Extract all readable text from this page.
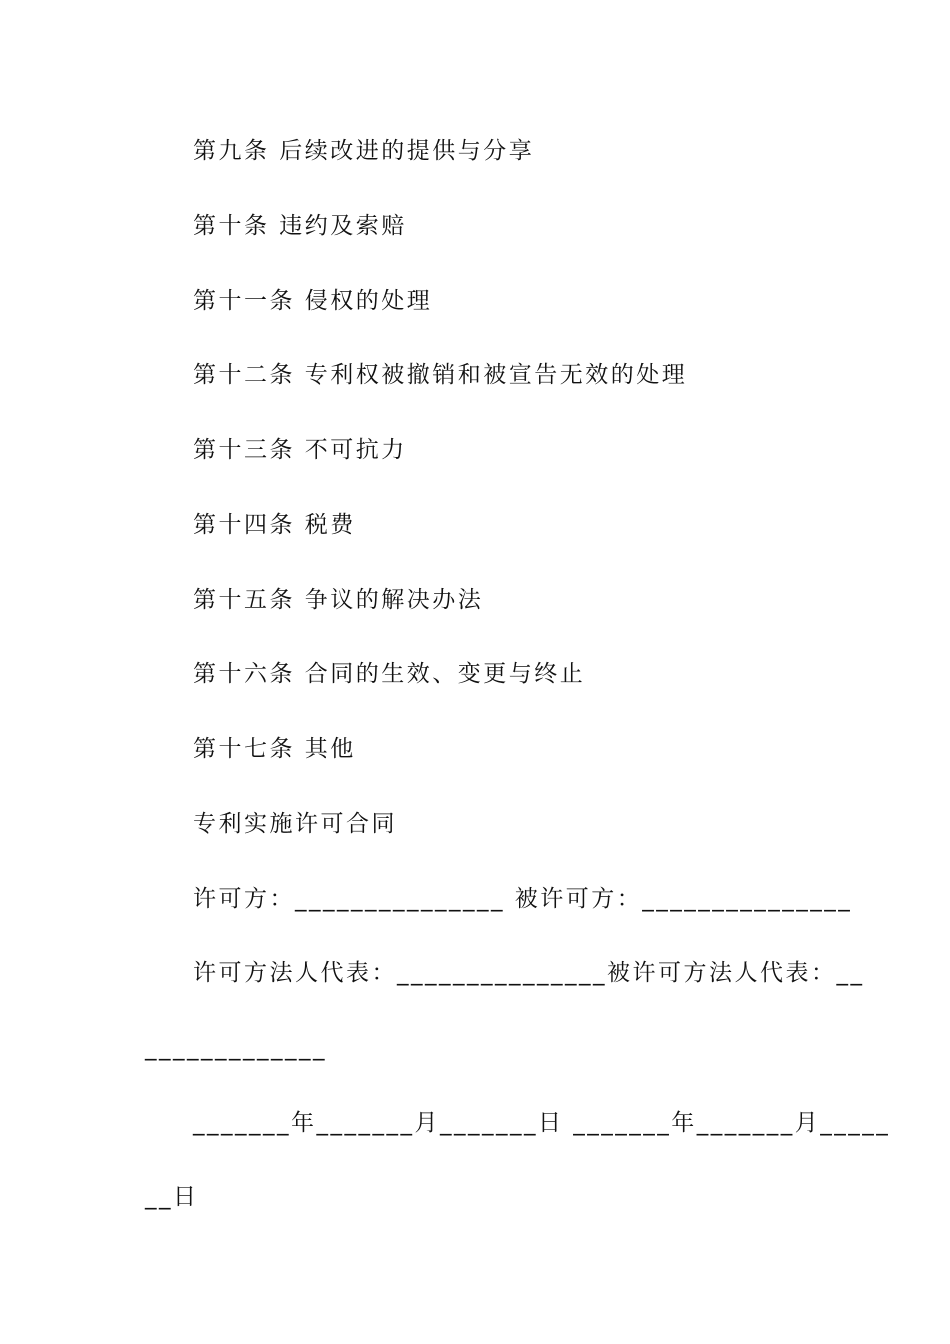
第九条 后续改进的提供与分享
第十条 违约及索赔
第十一条 侵权的处理
第十二条 专利权被撤销和被宣告无效的处理
第十三条 不可抗力
第十四条 税费
第十五条 争议的解决办法
第十六条 合同的生效、变更与终止
第十七条 其他
专利实施许可合同
许可方：_______________ 被许可方：_______________
许可方法人代表：_______________被许可方法人代表：__
_____________
_______年_______月_______日 _______年_______月_____
__日
